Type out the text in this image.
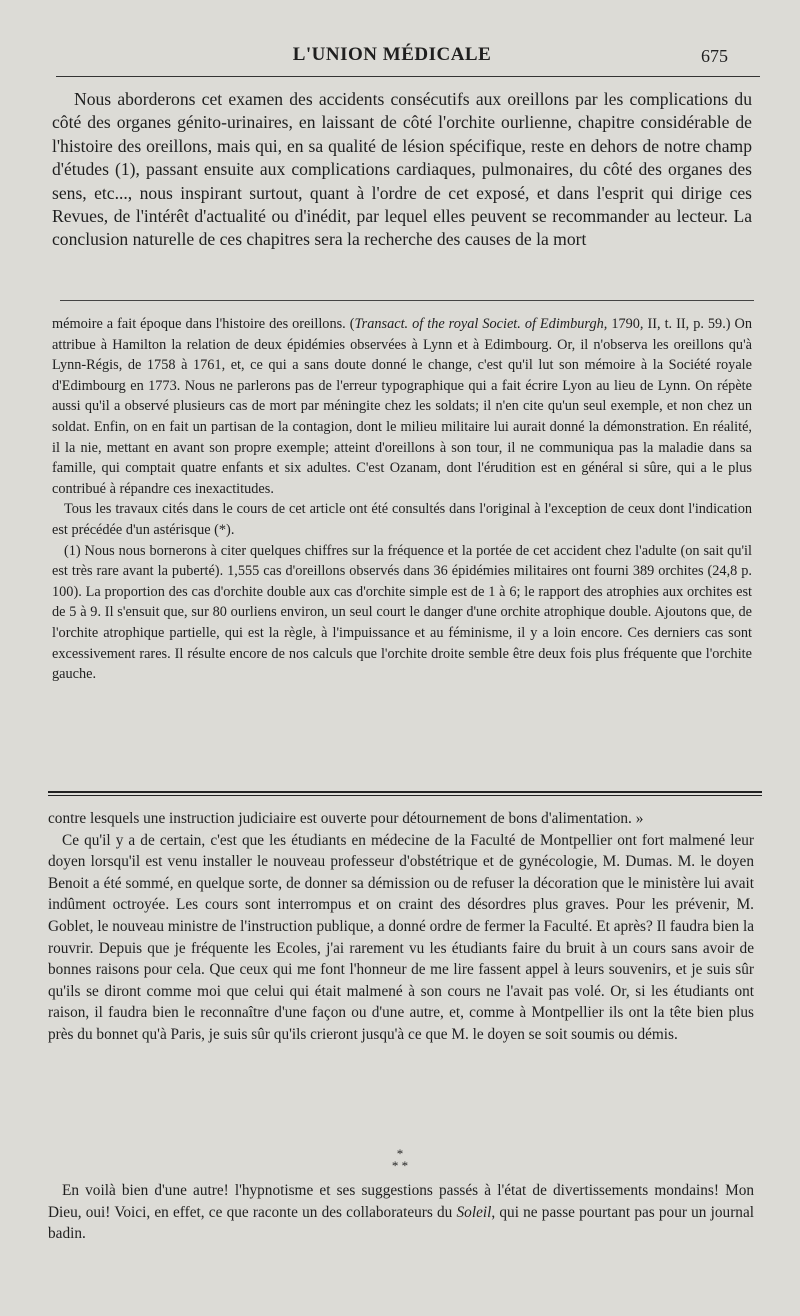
L'UNION MÉDICALE	675

Nous aborderons cet examen des accidents consécutifs aux oreillons par les complications du côté des organes génito-urinaires, en laissant de côté l'orchite ourlienne, chapitre considérable de l'histoire des oreillons, mais qui, en sa qualité de lésion spécifique, reste en dehors de notre champ d'études (1), passant ensuite aux complications cardiaques, pulmonaires, du côté des organes des sens, etc..., nous inspirant surtout, quant à l'ordre de cet exposé, et dans l'esprit qui dirige ces Revues, de l'intérêt d'actualité ou d'inédit, par lequel elles peuvent se recommander au lecteur. La conclusion naturelle de ces chapitres sera la recherche des causes de la mort

mémoire a fait époque dans l'histoire des oreillons. (Transact. of the royal Societ. of Edimburgh, 1790, II, t. II, p. 59.) On attribue à Hamilton la relation de deux épidémies observées à Lynn et à Edimbourg. Or, il n'observa les oreillons qu'à Lynn-Régis, de 1758 à 1761, et, ce qui a sans doute donné le change, c'est qu'il lut son mémoire à la Société royale d'Edimbourg en 1773. Nous ne parlerons pas de l'erreur typographique qui a fait écrire Lyon au lieu de Lynn. On répète aussi qu'il a observé plusieurs cas de mort par méningite chez les soldats; il n'en cite qu'un seul exemple, et non chez un soldat. Enfin, on en fait un partisan de la contagion, dont le milieu militaire lui aurait donné la démonstration. En réalité, il la nie, mettant en avant son propre exemple; atteint d'oreillons à son tour, il ne communiqua pas la maladie dans sa famille, qui comptait quatre enfants et six adultes. C'est Ozanam, dont l'érudition est en général si sûre, qui a le plus contribué à répandre ces inexactitudes.

Tous les travaux cités dans le cours de cet article ont été consultés dans l'original à l'exception de ceux dont l'indication est précédée d'un astérisque (*).

(1) Nous nous bornerons à citer quelques chiffres sur la fréquence et la portée de cet accident chez l'adulte (on sait qu'il est très rare avant la puberté). 1,555 cas d'oreillons observés dans 36 épidémies militaires ont fourni 389 orchites (24,8 p. 100). La proportion des cas d'orchite double aux cas d'orchite simple est de 1 à 6; le rapport des atrophies aux orchites est de 5 à 9. Il s'ensuit que, sur 80 ourliens environ, un seul court le danger d'une orchite atrophique double. Ajoutons que, de l'orchite atrophique partielle, qui est la règle, à l'impuissance et au féminisme, il y a loin encore. Ces derniers cas sont excessivement rares. Il résulte encore de nos calculs que l'orchite droite semble être deux fois plus fréquente que l'orchite gauche.

contre lesquels une instruction judiciaire est ouverte pour détournement de bons d'alimentation. »

Ce qu'il y a de certain, c'est que les étudiants en médecine de la Faculté de Montpellier ont fort malmené leur doyen lorsqu'il est venu installer le nouveau professeur d'obstétrique et de gynécologie, M. Dumas. M. le doyen Benoit a été sommé, en quelque sorte, de donner sa démission ou de refuser la décoration que le ministère lui avait indûment octroyée. Les cours sont interrompus et on craint des désordres plus graves. Pour les prévenir, M. Goblet, le nouveau ministre de l'instruction publique, a donné ordre de fermer la Faculté. Et après? Il faudra bien la rouvrir. Depuis que je fréquente les Ecoles, j'ai rarement vu les étudiants faire du bruit à un cours sans avoir de bonnes raisons pour cela. Que ceux qui me font l'honneur de me lire fassent appel à leurs souvenirs, et je suis sûr qu'ils se diront comme moi que celui qui était malmené à son cours ne l'avait pas volé. Or, si les étudiants ont raison, il faudra bien le reconnaître d'une façon ou d'une autre, et, comme à Montpellier ils ont la tête bien plus près du bonnet qu'à Paris, je suis sûr qu'ils crieront jusqu'à ce que M. le doyen se soit soumis ou démis.

*
* *

En voilà bien d'une autre! l'hypnotisme et ses suggestions passés à l'état de divertissements mondains! Mon Dieu, oui! Voici, en effet, ce que raconte un des collaborateurs du Soleil, qui ne passe pourtant pas pour un journal badin.
